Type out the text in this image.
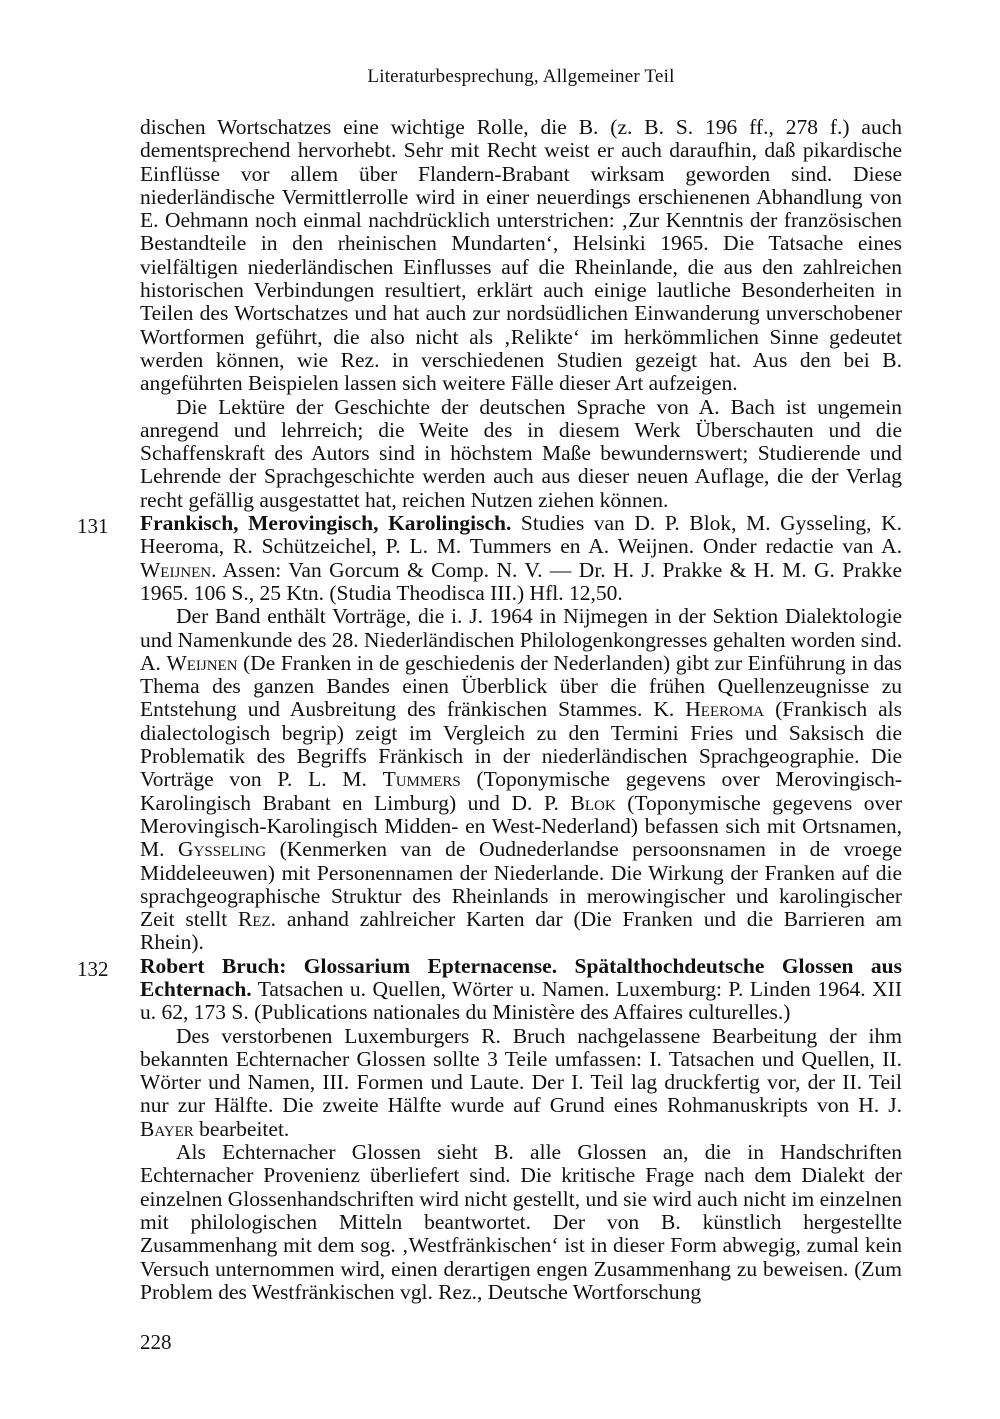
Literaturbesprechung, Allgemeiner Teil

dischen Wortschatzes eine wichtige Rolle, die B. (z. B. S. 196 ff., 278 f.) auch dementsprechend hervorhebt. Sehr mit Recht weist er auch daraufhin, daß pikardische Einflüsse vor allem über Flandern-Brabant wirksam geworden sind. Diese niederländische Vermittlerrolle wird in einer neuerdings erschienenen Abhandlung von E. Oehmann noch einmal nachdrücklich unterstrichen: ‚Zur Kenntnis der französischen Bestandteile in den rheinischen Mundarten‘, Helsinki 1965. Die Tatsache eines vielfältigen niederländischen Einflusses auf die Rheinlande, die aus den zahlreichen historischen Verbindungen resultiert, erklärt auch einige lautliche Besonderheiten in Teilen des Wortschatzes und hat auch zur nordsüdlichen Einwanderung unverschobener Wortformen geführt, die also nicht als ‚Relikte‘ im herkömmlichen Sinne gedeutet werden können, wie Rez. in verschiedenen Studien gezeigt hat. Aus den bei B. angeführten Beispielen lassen sich weitere Fälle dieser Art aufzeigen.

Die Lektüre der Geschichte der deutschen Sprache von A. Bach ist ungemein anregend und lehrreich; die Weite des in diesem Werk Überschauten und die Schaffenskraft des Autors sind in höchstem Maße bewundernswert; Studierende und Lehrende der Sprachgeschichte werden auch aus dieser neuen Auflage, die der Verlag recht gefällig ausgestattet hat, reichen Nutzen ziehen können.

131 Frankisch, Merovingisch, Karolingisch. Studies van D. P. Blok, M. Gysseling, K. Heeroma, R. Schützeichel, P. L. M. Tummers en A. Weijnen. Onder redactie van A. Weijnen. Assen: Van Gorcum & Comp. N. V. — Dr. H. J. Prakke & H. M. G. Prakke 1965. 106 S., 25 Ktn. (Studia Theodisca III.) Hfl. 12,50.

Der Band enthält Vorträge, die i. J. 1964 in Nijmegen in der Sektion Dialektologie und Namenkunde des 28. Niederländischen Philologenkongresses gehalten worden sind. A. Weijnen (De Franken in de geschiedenis der Nederlanden) gibt zur Einführung in das Thema des ganzen Bandes einen Überblick über die frühen Quellenzeugnisse zu Entstehung und Ausbreitung des fränkischen Stammes. K. Heeroma (Frankisch als dialectologisch begrip) zeigt im Vergleich zu den Termini Fries und Saksisch die Problematik des Begriffs Fränkisch in der niederländischen Sprachgeographie. Die Vorträge von P. L. M. Tummers (Toponymische gegevens over Merovingisch-Karolingisch Brabant en Limburg) und D. P. Blok (Toponymische gegevens over Merovingisch-Karolingisch Midden- en West-Nederland) befassen sich mit Ortsnamen, M. Gysseling (Kenmerken van de Oudnederlandse persoonsnamen in de vroege Middeleeuwen) mit Personennamen der Niederlande. Die Wirkung der Franken auf die sprachgeographische Struktur des Rheinlands in merowingischer und karolingischer Zeit stellt Rez. anhand zahlreicher Karten dar (Die Franken und die Barrieren am Rhein).

132 Robert Bruch: Glossarium Epternacense. Spätalthochdeutsche Glossen aus Echternach. Tatsachen u. Quellen, Wörter u. Namen. Luxemburg: P. Linden 1964. XII u. 62, 173 S. (Publications nationales du Ministère des Affaires culturelles.)

Des verstorbenen Luxemburgers R. Bruch nachgelassene Bearbeitung der ihm bekannten Echternacher Glossen sollte 3 Teile umfassen: I. Tatsachen und Quellen, II. Wörter und Namen, III. Formen und Laute. Der I. Teil lag druckfertig vor, der II. Teil nur zur Hälfte. Die zweite Hälfte wurde auf Grund eines Rohmanuskripts von H. J. Bayer bearbeitet.

Als Echternacher Glossen sieht B. alle Glossen an, die in Handschriften Echternacher Provenienz überliefert sind. Die kritische Frage nach dem Dialekt der einzelnen Glossenhandschriften wird nicht gestellt, und sie wird auch nicht im einzelnen mit philologischen Mitteln beantwortet. Der von B. künstlich hergestellte Zusammenhang mit dem sog. ‚Westfränkischen‘ ist in dieser Form abwegig, zumal kein Versuch unternommen wird, einen derartigen engen Zusammenhang zu beweisen. (Zum Problem des Westfränkischen vgl. Rez., Deutsche Wortforschung

228
